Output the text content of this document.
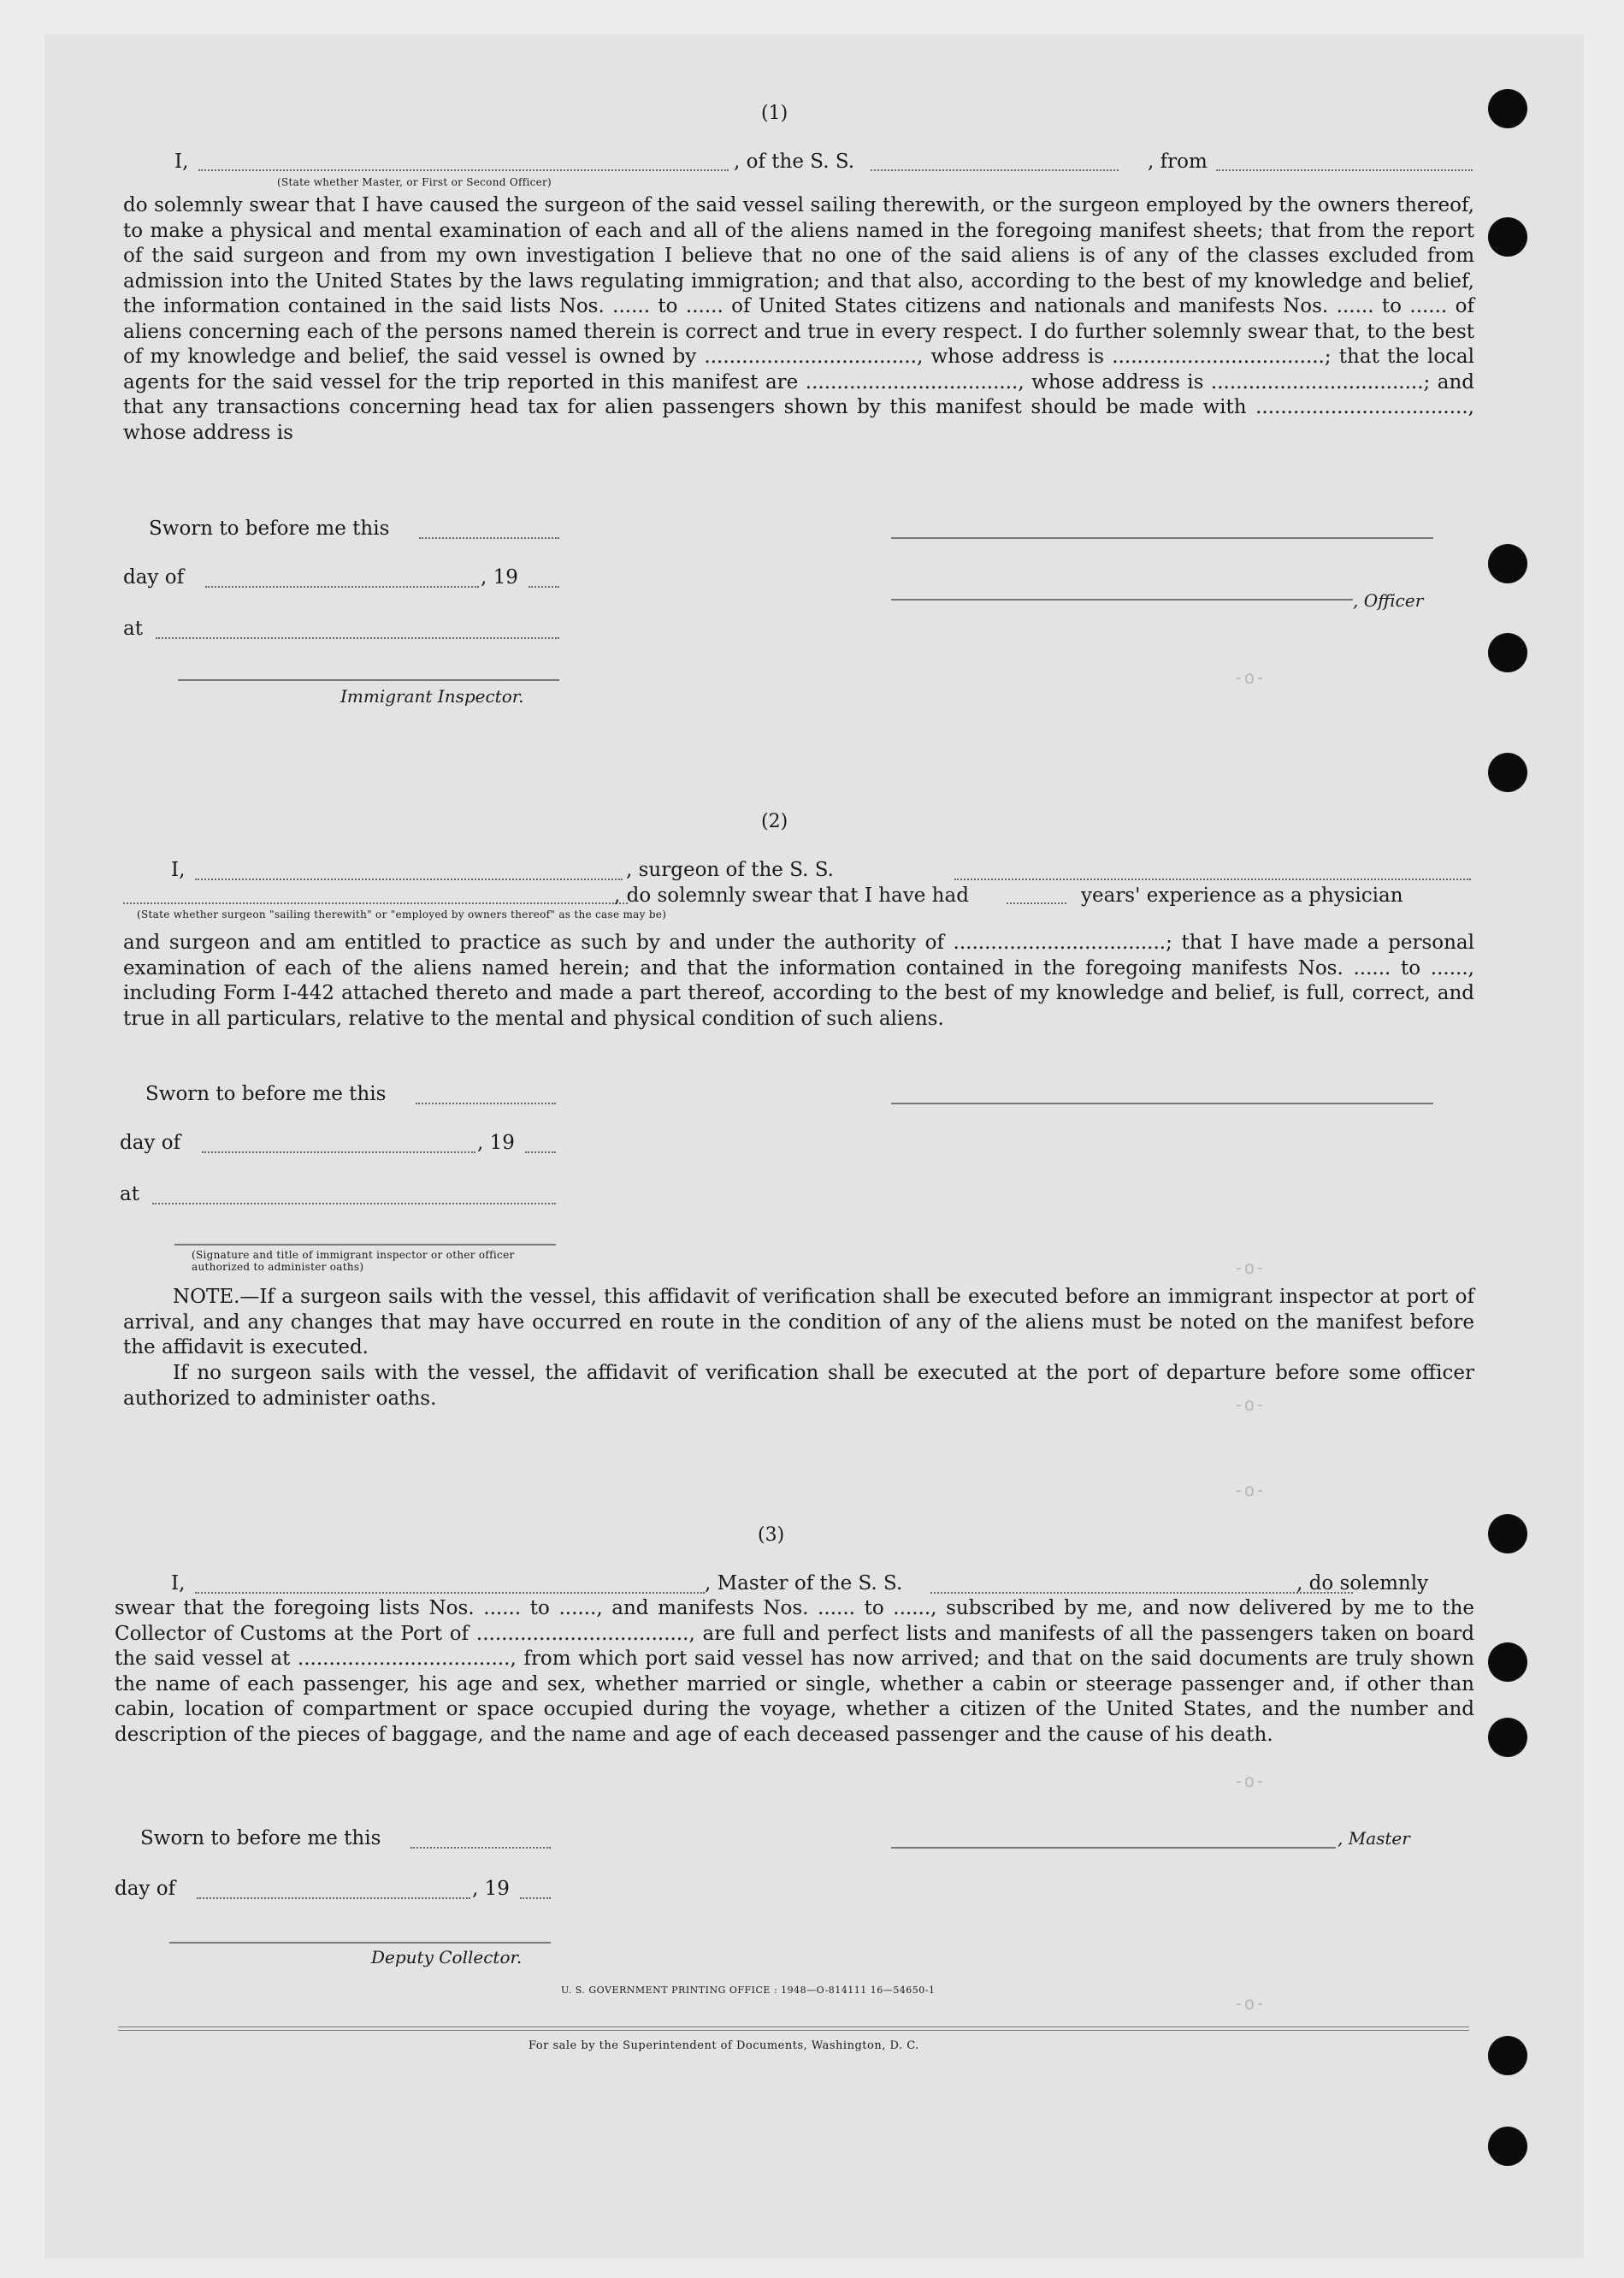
-o-
-o-
-o-
-o-
-o-
-o-
(1)
I,	, of the S. S.	, from
(State whether Master, or First or Second Officer)
do solemnly swear that I have caused the surgeon of the said vessel sailing therewith, or the surgeon employed by the owners thereof, to make a physical and mental examination of each and all of the aliens named in the foregoing manifest sheets; that from the report of the said surgeon and from my own investigation I believe that no one of the said aliens is of any of the classes excluded from admission into the United States by the laws regulating immigration; and that also, according to the best of my knowledge and belief, the information contained in the said lists Nos. ...... to ...... of United States citizens and nationals and manifests Nos. ...... to ...... of aliens concerning each of the persons named therein is correct and true in every respect. I do further solemnly swear that, to the best of my knowledge and belief, the said vessel is owned by .................................., whose address is ..................................; that the local agents for the said vessel for the trip reported in this manifest are .................................., whose address is ..................................; and that any transactions concerning head tax for alien passengers shown by this manifest should be made with .................................., whose address is
Sworn to before me this
day of	, 19
, Officer
at
Immigrant Inspector.
(2)
I,	, surgeon of the S. S.
, do solemnly swear that I have had	years' experience as a physician
(State whether surgeon "sailing therewith" or "employed by owners thereof" as the case may be)
and surgeon and am entitled to practice as such by and under the authority of ..................................; that I have made a personal examination of each of the aliens named herein; and that the information contained in the foregoing manifests Nos. ...... to ......, including Form I-442 attached thereto and made a part thereof, according to the best of my knowledge and belief, is full, correct, and true in all particulars, relative to the mental and physical condition of such aliens.
Sworn to before me this
day of	, 19
at
(Signature and title of immigrant inspector or other officer authorized to administer oaths)
NOTE.—If a surgeon sails with the vessel, this affidavit of verification shall be executed before an immigrant inspector at port of arrival, and any changes that may have occurred en route in the condition of any of the aliens must be noted on the manifest before the affidavit is executed.
If no surgeon sails with the vessel, the affidavit of verification shall be executed at the port of departure before some officer authorized to administer oaths.
(3)
I,	, Master of the S. S.	, do solemnly
swear that the foregoing lists Nos. ...... to ......, and manifests Nos. ...... to ......, subscribed by me, and now delivered by me to the Collector of Customs at the Port of .................................., are full and perfect lists and manifests of all the passengers taken on board the said vessel at .................................., from which port said vessel has now arrived; and that on the said documents are truly shown the name of each passenger, his age and sex, whether married or single, whether a cabin or steerage passenger and, if other than cabin, location of compartment or space occupied during the voyage, whether a citizen of the United States, and the number and description of the pieces of baggage, and the name and age of each deceased passenger and the cause of his death.
Sworn to before me this	, Master
day of	, 19
Deputy Collector.
U. S. GOVERNMENT PRINTING OFFICE : 1948—O-814111 16—54650-1
For sale by the Superintendent of Documents, Washington, D. C.
